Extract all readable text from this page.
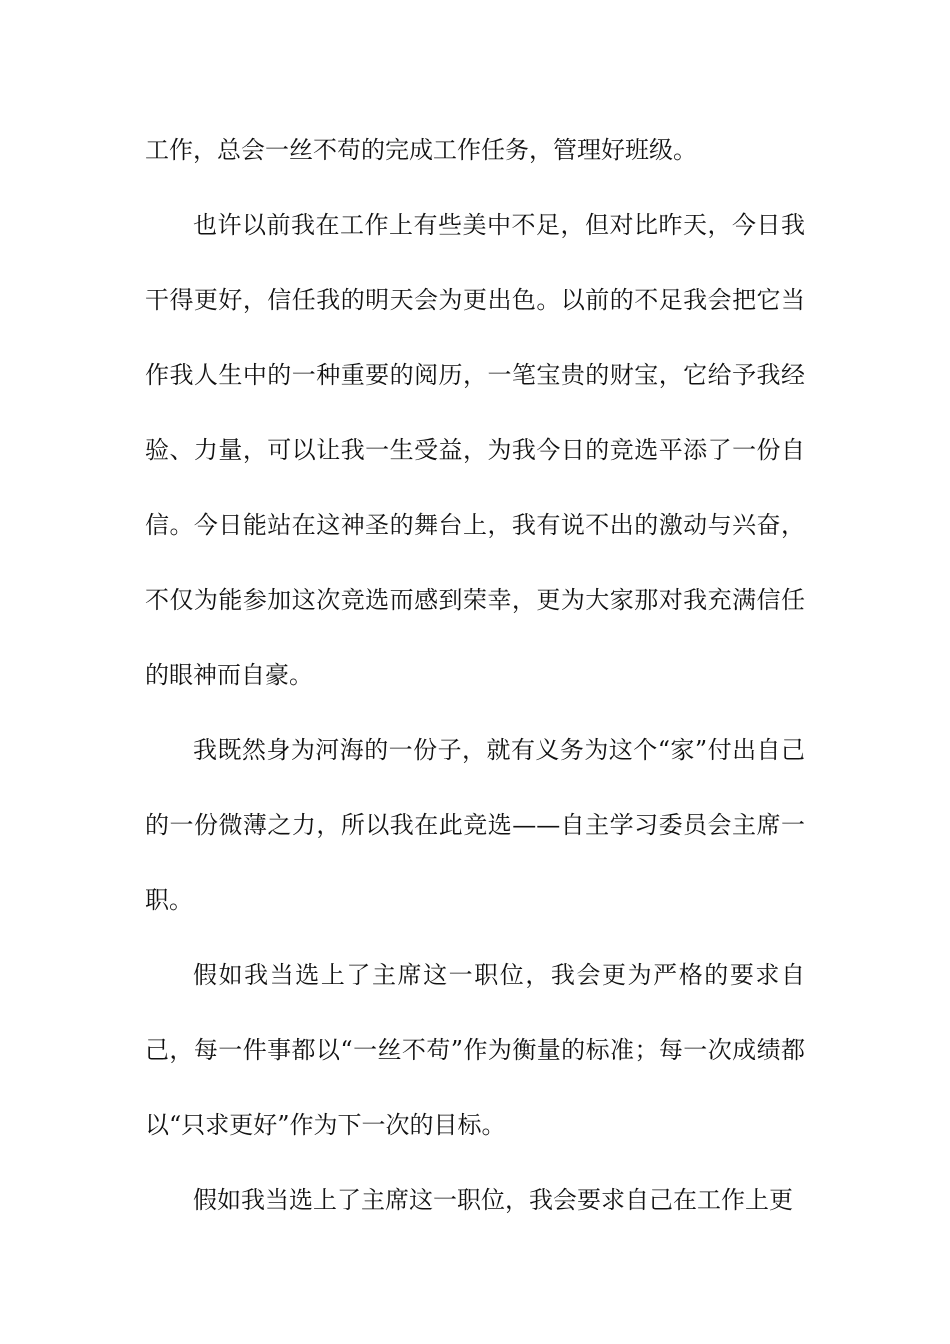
工作，总会一丝不苟的完成工作任务，管理好班级。

也许以前我在工作上有些美中不足，但对比昨天，今日我干得更好，信任我的明天会为更出色。以前的不足我会把它当作我人生中的一种重要的阅历，一笔宝贵的财宝，它给予我经验、力量，可以让我一生受益，为我今日的竞选平添了一份自信。今日能站在这神圣的舞台上，我有说不出的激动与兴奋，不仅为能参加这次竞选而感到荣幸，更为大家那对我充满信任的眼神而自豪。

我既然身为河海的一份子，就有义务为这个“家”付出自己的一份微薄之力，所以我在此竞选——自主学习委员会主席一职。

假如我当选上了主席这一职位，我会更为严格的要求自己，每一件事都以“一丝不苟”作为衡量的标准；每一次成绩都以“只求更好”作为下一次的目标。

假如我当选上了主席这一职位，我会要求自己在工作上更
